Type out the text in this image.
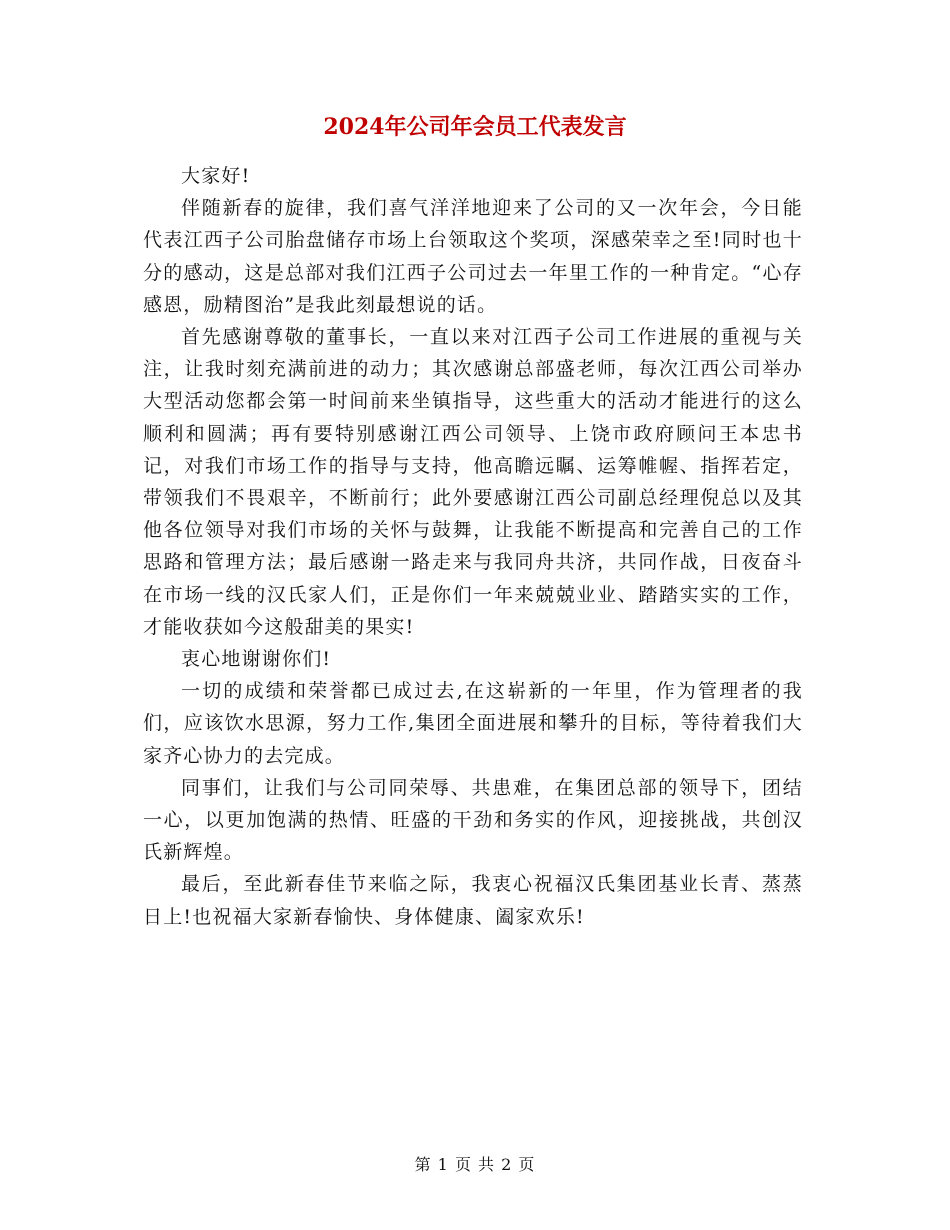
2024年公司年会员工代表发言

大家好!

伴随新春的旋律，我们喜气洋洋地迎来了公司的又一次年会，今日能代表江西子公司胎盘储存市场上台领取这个奖项，深感荣幸之至!同时也十分的感动，这是总部对我们江西子公司过去一年里工作的一种肯定。“心存感恩，励精图治”是我此刻最想说的话。

首先感谢尊敬的董事长，一直以来对江西子公司工作进展的重视与关注，让我时刻充满前进的动力；其次感谢总部盛老师，每次江西公司举办大型活动您都会第一时间前来坐镇指导，这些重大的活动才能进行的这么顺利和圆满；再有要特别感谢江西公司领导、上饶市政府顾问王本忠书记，对我们市场工作的指导与支持，他高瞻远瞩、运筹帷幄、指挥若定，带领我们不畏艰辛，不断前行；此外要感谢江西公司副总经理倪总以及其他各位领导对我们市场的关怀与鼓舞，让我能不断提高和完善自己的工作思路和管理方法；最后感谢一路走来与我同舟共济，共同作战，日夜奋斗在市场一线的汉氏家人们，正是你们一年来兢兢业业、踏踏实实的工作，才能收获如今这般甜美的果实!

衷心地谢谢你们!

一切的成绩和荣誉都已成过去,在这崭新的一年里，作为管理者的我们，应该饮水思源，努力工作,集团全面进展和攀升的目标，等待着我们大家齐心协力的去完成。

同事们，让我们与公司同荣辱、共患难，在集团总部的领导下，团结一心，以更加饱满的热情、旺盛的干劲和务实的作风，迎接挑战，共创汉氏新辉煌。

最后，至此新春佳节来临之际，我衷心祝福汉氏集团基业长青、蒸蒸日上!也祝福大家新春愉快、身体健康、阖家欢乐!

第 1 页 共 2 页
